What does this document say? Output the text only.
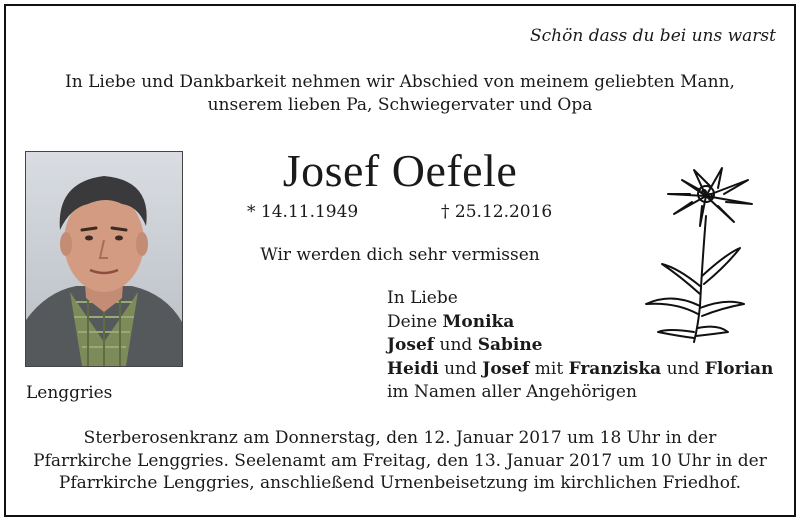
Schön dass du bei uns warst
In Liebe und Dankbarkeit nehmen wir Abschied von meinem geliebten Mann,
unserem lieben Pa, Schwiegervater und Opa
Josef Oefele
* 14.11.1949	† 25.12.2016
Wir werden dich sehr vermissen
In Liebe
Deine Monika
Josef und Sabine
Heidi und Josef mit Franziska und Florian
im Namen aller Angehörigen
Lenggries
Sterberosenkranz am Donnerstag, den 12. Januar 2017 um 18 Uhr in der
Pfarrkirche Lenggries. Seelenamt am Freitag, den 13. Januar 2017 um 10 Uhr in der
Pfarrkirche Lenggries, anschließend Urnenbeisetzung im kirchlichen Friedhof.
